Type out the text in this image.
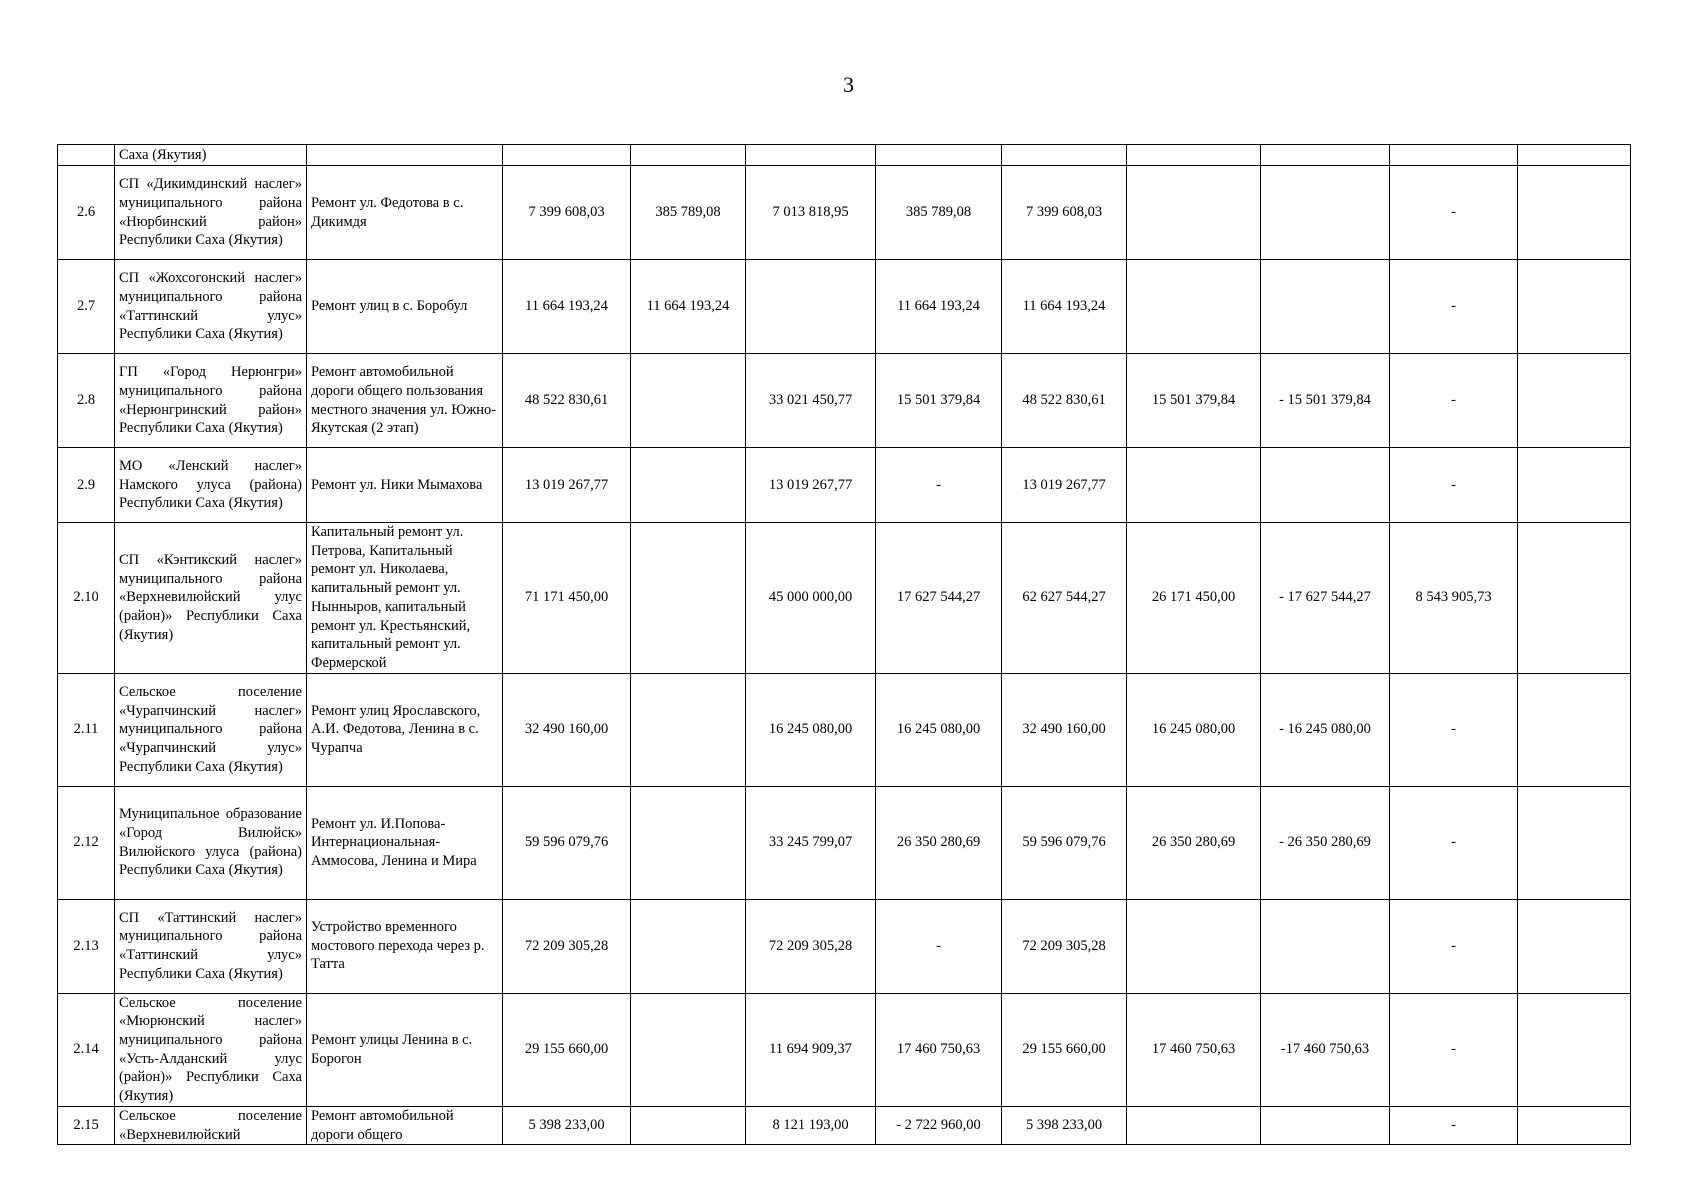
3
	Саха (Якутия)										
2.6	СП «Дикимдинский наслег» муниципального района «Нюрбинский район» Республики Саха (Якутия)	Ремонт ул. Федотова в с. Дикимдя	7 399 608,03	385 789,08	7 013 818,95	385 789,08	7 399 608,03			-	
2.7	СП «Жохсогонский наслег» муниципального района «Таттинский улус» Республики Саха (Якутия)	Ремонт улиц в с. Боробул	11 664 193,24	11 664 193,24		11 664 193,24	11 664 193,24			-	
2.8	ГП «Город Нерюнгри» муниципального района «Нерюнгринский район» Республики Саха (Якутия)	Ремонт автомобильной дороги общего пользования местного значения ул. Южно-Якутская (2 этап)	48 522 830,61		33 021 450,77	15 501 379,84	48 522 830,61	15 501 379,84	- 15 501 379,84	-	
2.9	МО «Ленский наслег» Намского улуса (района) Республики Саха (Якутия)	Ремонт ул. Ники Мымахова	13 019 267,77		13 019 267,77	-	13 019 267,77			-	
2.10	СП «Кэнтикский наслег» муниципального района «Верхневилюйский улус (район)» Республики Саха (Якутия)	Капитальный ремонт ул. Петрова, Капитальный ремонт ул. Николаева, капитальный ремонт ул. Нынныров, капитальный ремонт ул. Крестьянский, капитальный ремонт ул. Фермерской	71 171 450,00		45 000 000,00	17 627 544,27	62 627 544,27	26 171 450,00	- 17 627 544,27	8 543 905,73	
2.11	Сельское поселение «Чурапчинский наслег» муниципального района «Чурапчинский улус» Республики Саха (Якутия)	Ремонт улиц Ярославского, А.И. Федотова, Ленина в с. Чурапча	32 490 160,00		16 245 080,00	16 245 080,00	32 490 160,00	16 245 080,00	- 16 245 080,00	-	
2.12	Муниципальное образование «Город Вилюйск» Вилюйского улуса (района) Республики Саха (Якутия)	Ремонт ул. И.Попова-Интернациональная-Аммосова, Ленина и Мира	59 596 079,76		33 245 799,07	26 350 280,69	59 596 079,76	26 350 280,69	- 26 350 280,69	-	
2.13	СП «Таттинский наслег» муниципального района «Таттинский улус» Республики Саха (Якутия)	Устройство временного мостового перехода через р. Татта	72 209 305,28		72 209 305,28	-	72 209 305,28			-	
2.14	Сельское поселение «Мюрюнский наслег» муниципального района «Усть-Алданский улус (район)» Республики Саха (Якутия)	Ремонт улицы Ленина в с. Борогон	29 155 660,00		11 694 909,37	17 460 750,63	29 155 660,00	17 460 750,63	-17 460 750,63	-	
2.15	Сельское поселение «Верхневилюйский	Ремонт автомобильной дороги общего	5 398 233,00		8 121 193,00	- 2 722 960,00	5 398 233,00			-	
